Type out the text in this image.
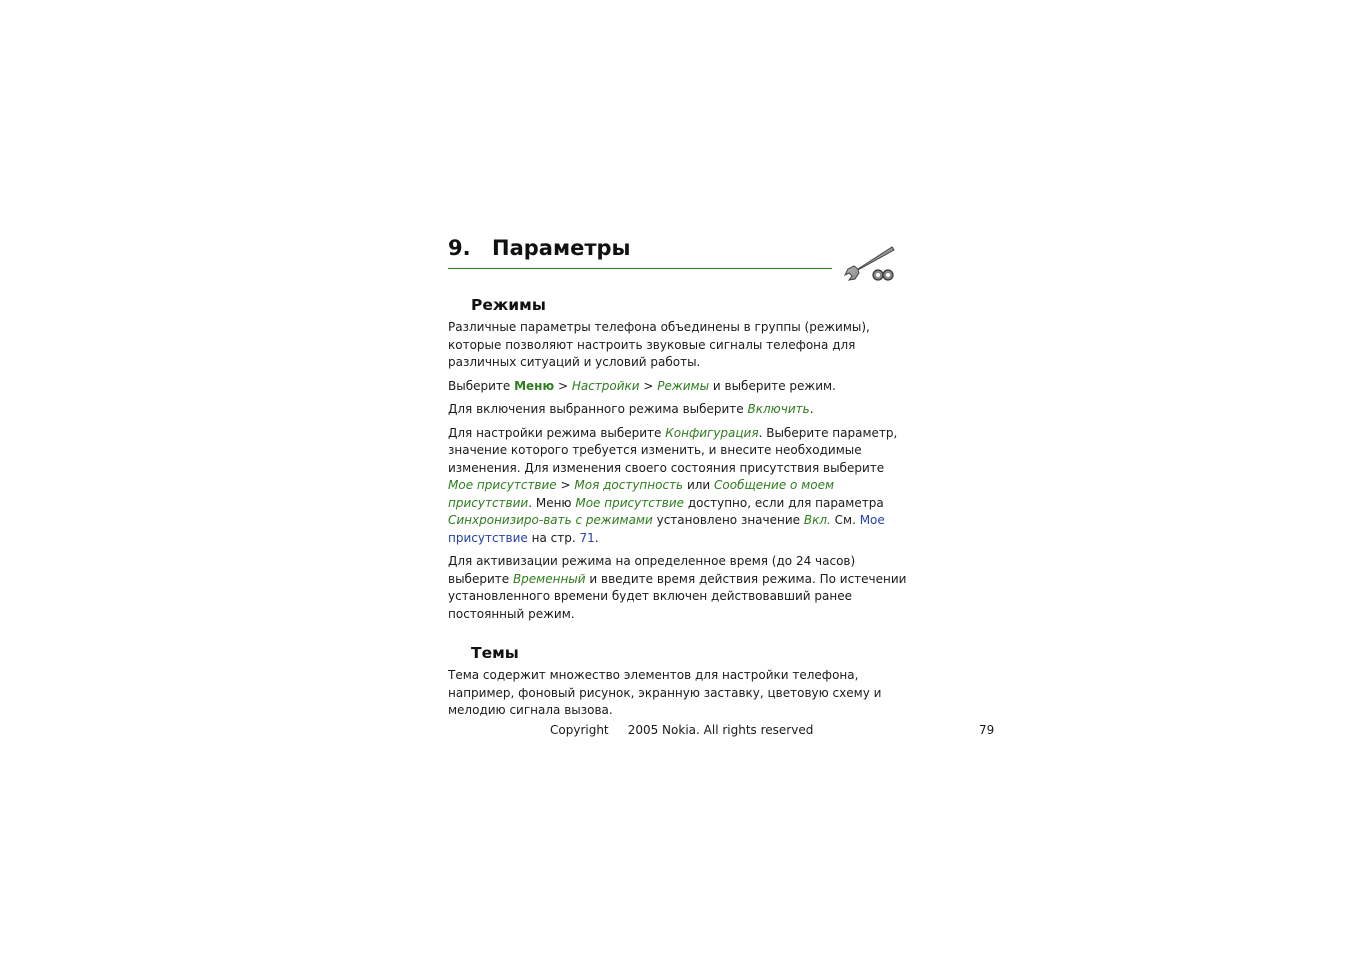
9. Параметры
Режимы

Различные параметры телефона объединены в группы (режимы), которые позволяют настроить звуковые сигналы телефона для различных ситуаций и условий работы.

Выберите Меню > Настройки > Режимы и выберите режим.

Для включения выбранного режима выберите Включить.

Для настройки режима выберите Конфигурация. Выберите параметр, значение которого требуется изменить, и внесите необходимые изменения. Для изменения своего состояния присутствия выберите Мое присутствие > Моя доступность или Сообщение о моем присутствии. Меню Мое присутствие доступно, если для параметра Синхронизиро-вать с режимами установлено значение Вкл. См. Мое присутствие на стр. 71.

Для активизации режима на определенное время (до 24 часов) выберите Временный и введите время действия режима. По истечении установленного времени будет включен действовавший ранее постоянный режим.

Темы

Тема содержит множество элементов для настройки телефона, например, фоновый рисунок, экранную заставку, цветовую схему и мелодию сигнала вызова.

Copyright     2005 Nokia. All rights reserved	79
